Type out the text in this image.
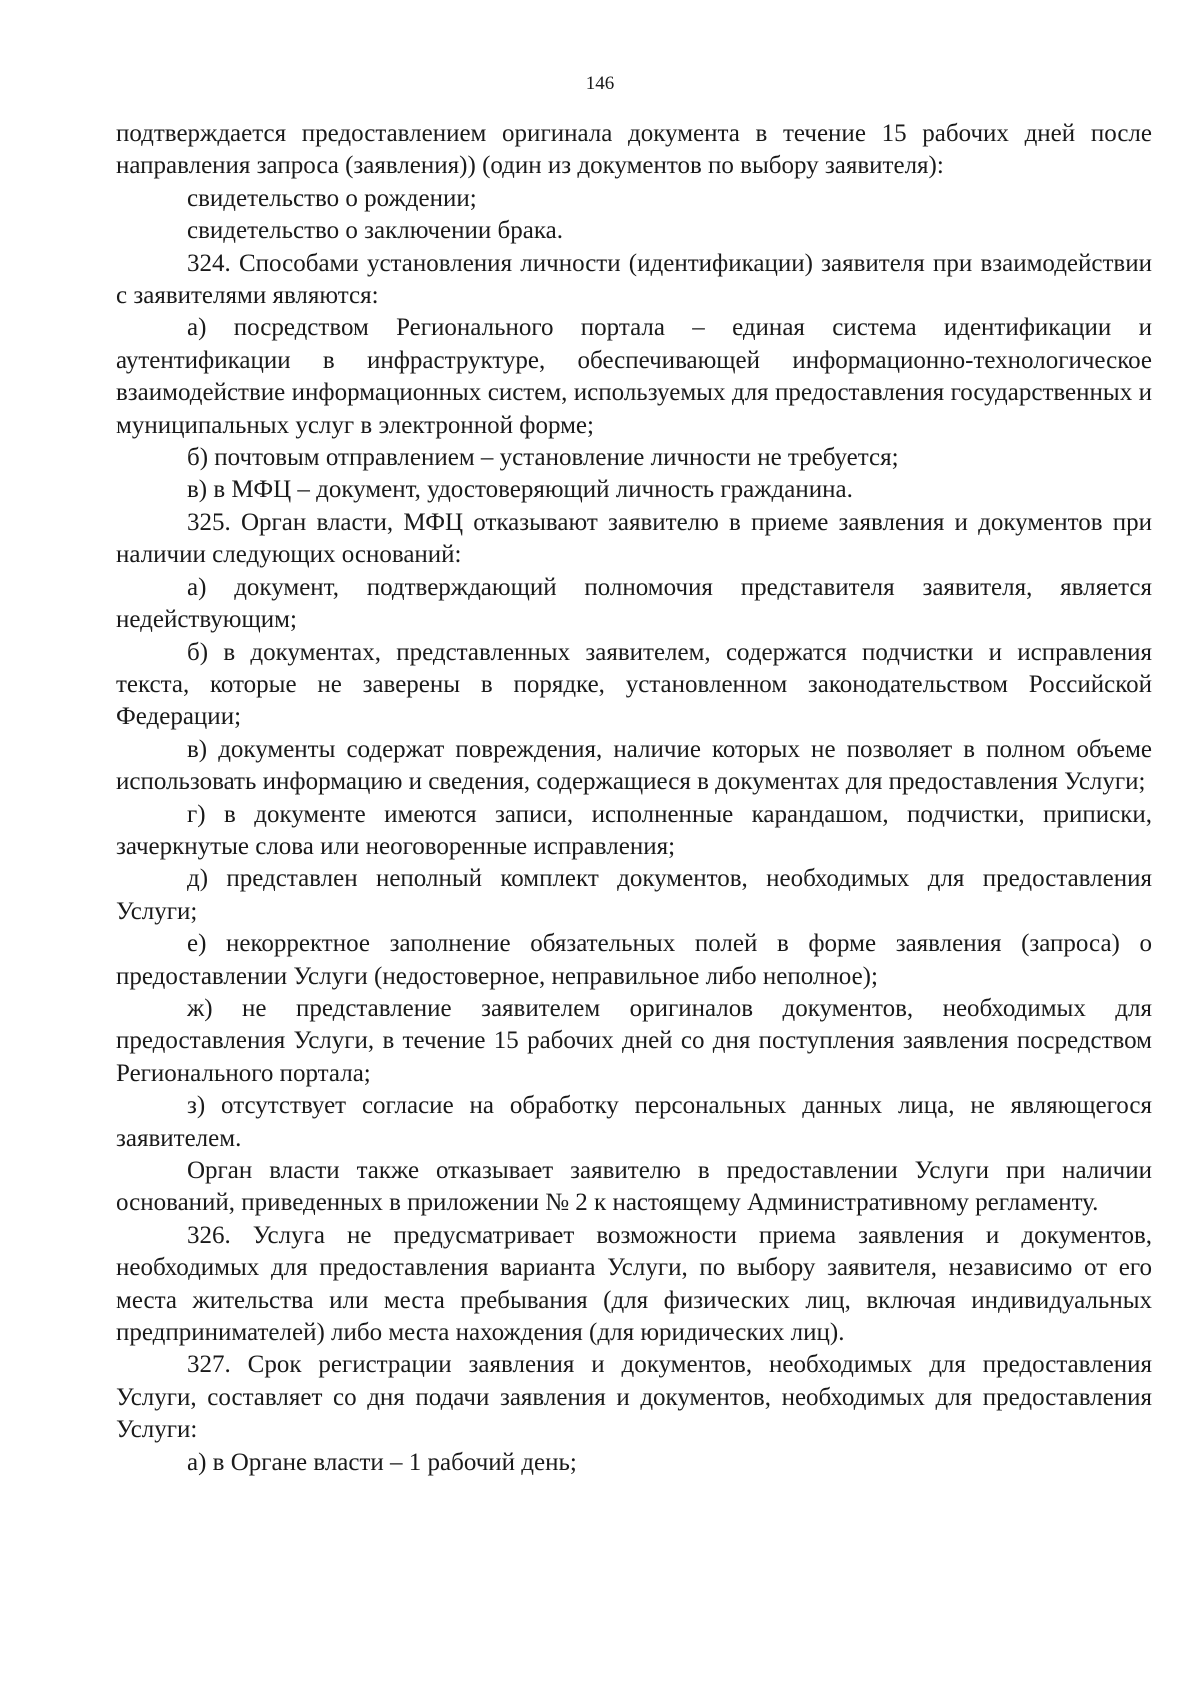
146

подтверждается предоставлением оригинала документа в течение 15 рабочих дней после направления запроса (заявления)) (один из документов по выбору заявителя):

свидетельство о рождении;

свидетельство о заключении брака.

324. Способами установления личности (идентификации) заявителя при взаимодействии с заявителями являются:

а) посредством Регионального портала – единая система идентификации и аутентификации в инфраструктуре, обеспечивающей информационно-технологическое взаимодействие информационных систем, используемых для предоставления государственных и муниципальных услуг в электронной форме;

б) почтовым отправлением – установление личности не требуется;

в) в МФЦ – документ, удостоверяющий личность гражданина.

325. Орган власти, МФЦ отказывают заявителю в приеме заявления и документов при наличии следующих оснований:

а) документ, подтверждающий полномочия представителя заявителя, является недействующим;

б) в документах, представленных заявителем, содержатся подчистки и исправления текста, которые не заверены в порядке, установленном законодательством Российской Федерации;

в) документы содержат повреждения, наличие которых не позволяет в полном объеме использовать информацию и сведения, содержащиеся в документах для предоставления Услуги;

г) в документе имеются записи, исполненные карандашом, подчистки, приписки, зачеркнутые слова или неоговоренные исправления;

д) представлен неполный комплект документов, необходимых для предоставления Услуги;

е) некорректное заполнение обязательных полей в форме заявления (запроса) о предоставлении Услуги (недостоверное, неправильное либо неполное);

ж) не представление заявителем оригиналов документов, необходимых для предоставления Услуги, в течение 15 рабочих дней со дня поступления заявления посредством Регионального портала;

з) отсутствует согласие на обработку персональных данных лица, не являющегося заявителем.

Орган власти также отказывает заявителю в предоставлении Услуги при наличии оснований, приведенных в приложении № 2 к настоящему Административному регламенту.

326. Услуга не предусматривает возможности приема заявления и документов, необходимых для предоставления варианта Услуги, по выбору заявителя, независимо от его места жительства или места пребывания (для физических лиц, включая индивидуальных предпринимателей) либо места нахождения (для юридических лиц).

327. Срок регистрации заявления и документов, необходимых для предоставления Услуги, составляет со дня подачи заявления и документов, необходимых для предоставления Услуги:

а) в Органе власти – 1 рабочий день;
